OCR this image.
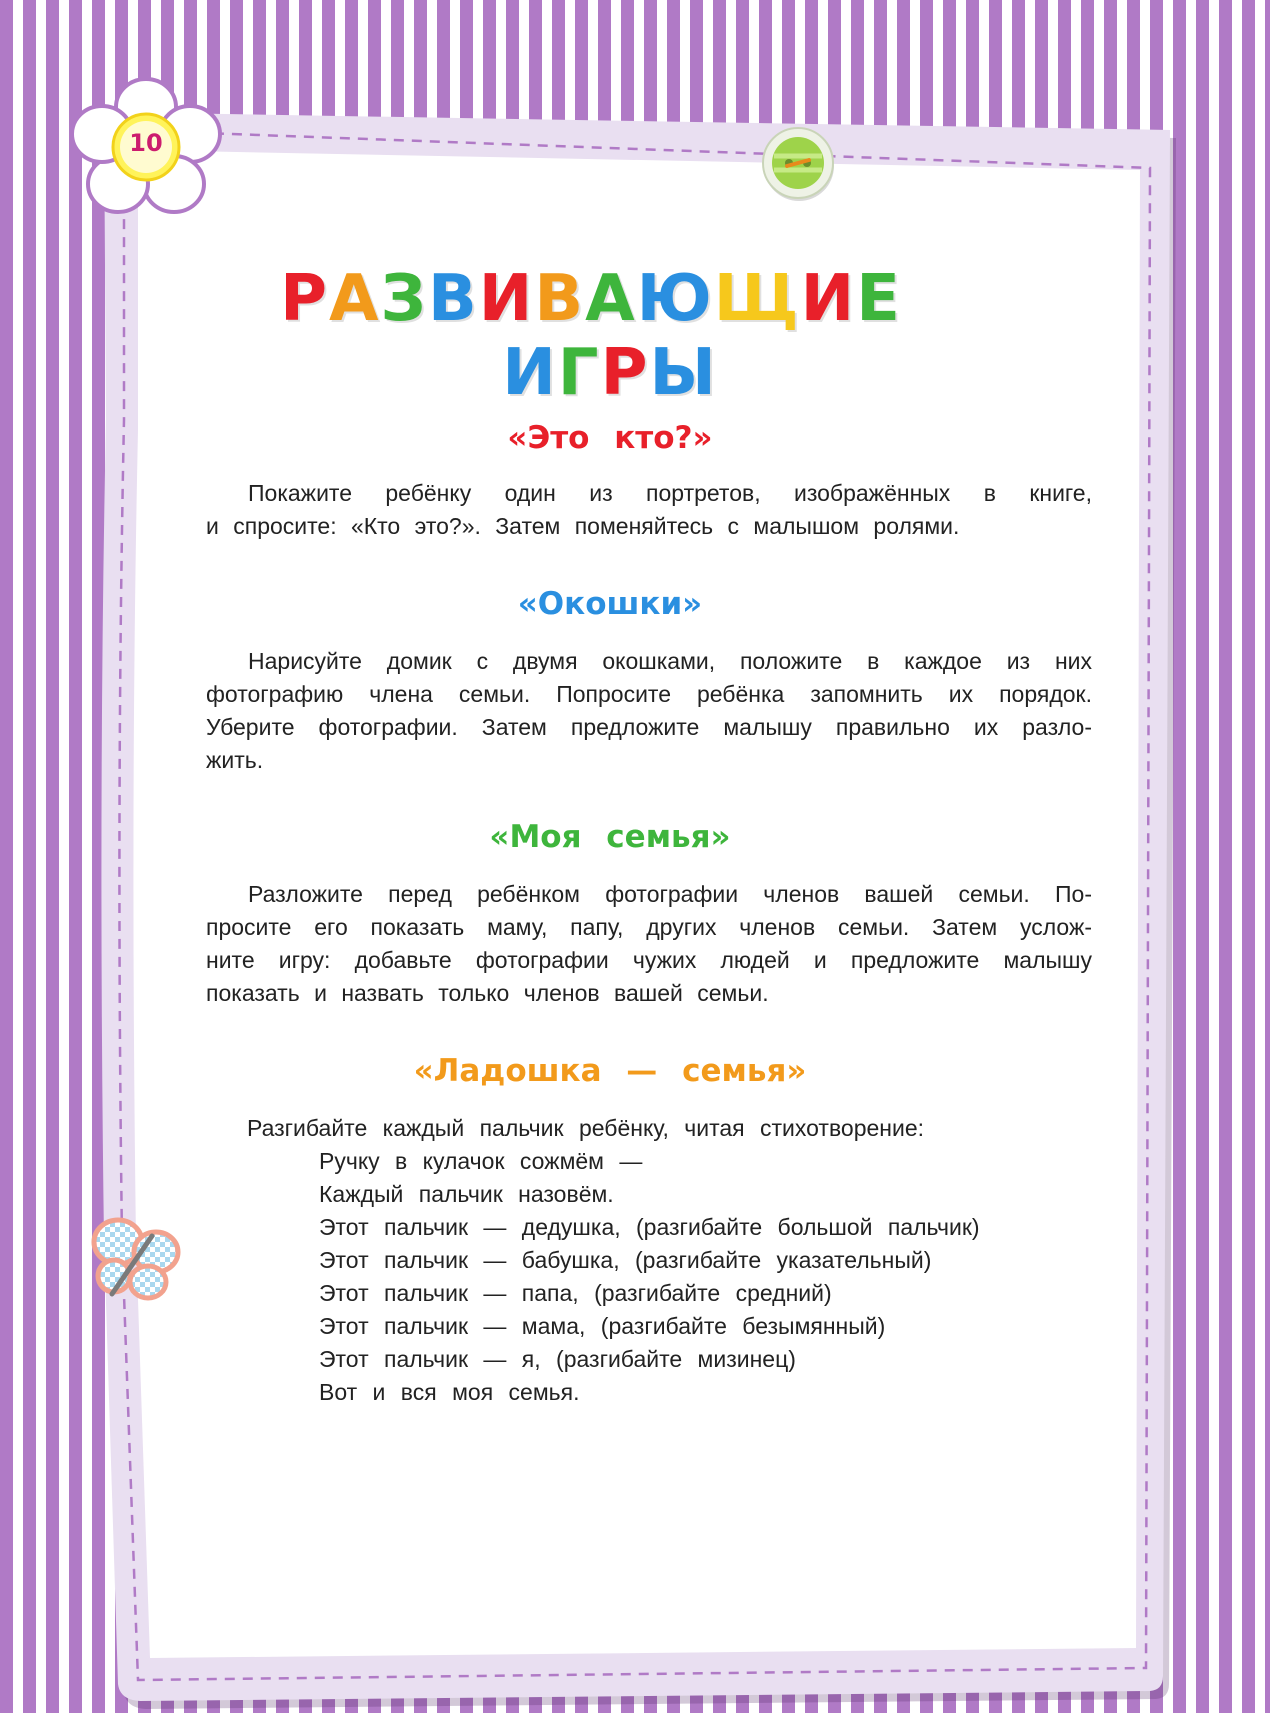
10
РАЗВИВАЮЩИЕИГРЫ
«Это кто?»
Покажите ребёнку один из портретов, изображённых в книге,
и спросите: «Кто это?». Затем поменяйтесь с малышом ролями.
«Окошки»
Нарисуйте домик с двумя окошками, положите в каждое из них
фотографию члена семьи. Попросите ребёнка запомнить их порядок.
Уберите фотографии. Затем предложите малышу правильно их разло-
жить.
«Моя семья»
Разложите перед ребёнком фотографии членов вашей семьи. По-
просите его показать маму, папу, других членов семьи. Затем услож-
ните игру: добавьте фотографии чужих людей и предложите малышу
показать и назвать только членов вашей семьи.
«Ладошка — семья»
Разгибайте каждый пальчик ребёнку, читая стихотворение:
Ручку в кулачок сожмём —
Каждый пальчик назовём.
Этот пальчик — дедушка, (разгибайте большой пальчик)
Этот пальчик — бабушка, (разгибайте указательный)
Этот пальчик — папа, (разгибайте средний)
Этот пальчик — мама, (разгибайте безымянный)
Этот пальчик — я, (разгибайте мизинец)
Вот и вся моя семья.
